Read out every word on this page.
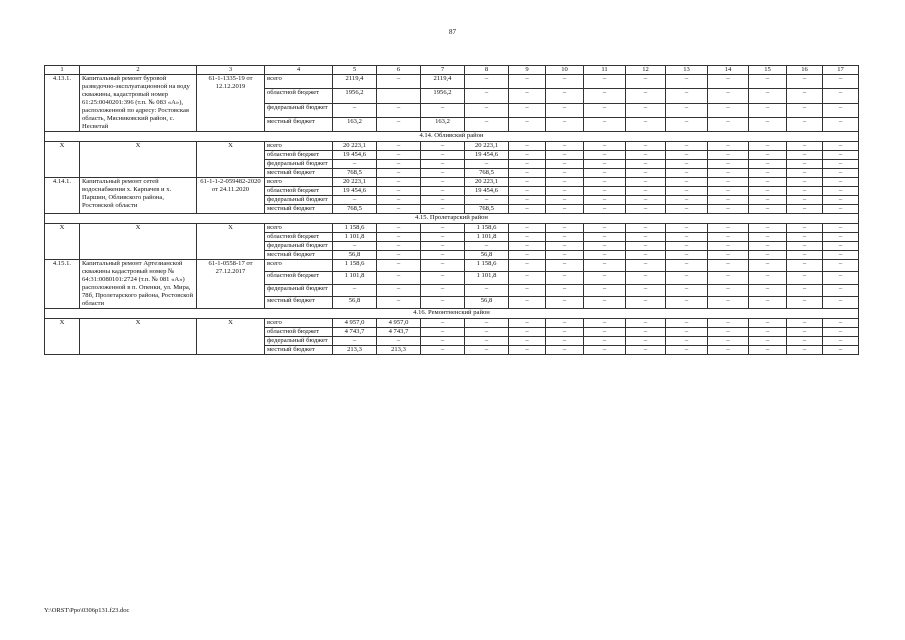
87
1	2	3	4	5	6	7	8	9	10	11	12	13	14	15	16	17
4.13.1.	Капитальный ремонт буровой разведочно-эксплуатационной на воду скважины, кадастровый номер 61:25:0040201:396 (т.п. № 083 «А»), расположенной по адресу: Ростовская область, Мясниковский район, с. Несветай	61-1-1335-19 от 12.12.2019	всего	2119,4	–	2119,4	–	–	–	–	–	–	–	–	–	–
			областной бюджет	1956,2		1956,2	–	–	–	–	–	–	–	–	–	–
			федеральный бюджет	–	–	–	–	–	–	–	–	–	–	–	–	–
			местный бюджет	163,2	–	163,2	–	–	–	–	–	–	–	–	–	–
4.14. Обливский район																
Х	Х	Х	всего	20 223,1	–	–	20 223,1	–	–	–	–	–	–	–	–	–
			областной бюджет	19 454,6	–	–	19 454,6	–	–	–	–	–	–	–	–	–
			федеральный бюджет	–	–	–	–	–	–	–	–	–	–	–	–	–
			местный бюджет	768,5	–	–	768,5	–	–	–	–	–	–	–	–	–
4.14.1.	Капитальный ремонт сетей водоснабжения х. Карпачев и х. Паршин, Обливского района, Ростовской области	61-1-1-2-059482-2020 от 24.11.2020	всего	20 223,1	–	–	20 223,1	–	–	–	–	–	–	–	–	–
			областной бюджет	19 454,6	–	–	19 454,6	–	–	–	–	–	–	–	–	–
			федеральный бюджет	–	–	–	–	–	–	–	–	–	–	–	–	–
			местный бюджет	768,5	–	–	768,5	–	–	–	–	–	–	–	–	–
4.15. Пролетарский район																
Х	Х	Х	всего	1 158,6	–	–	1 158,6	–	–	–	–	–	–	–	–	–
			областной бюджет	1 101,8	–	–	1 101,8	–	–	–	–	–	–	–	–	–
			федеральный бюджет	–	–	–	–	–	–	–	–	–	–	–	–	–
			местный бюджет	56,8	–	–	56,8	–	–	–	–	–	–	–	–	–
4.15.1.	Капитальный ремонт Артезианской скважины кадастровый номер № 64:31:0080101:2724 (т.п. № 081 «А») расположенной в п. Опенки, ул. Мира, 78б, Пролетарского района, Ростовской области	61-1-0558-17 от 27.12.2017	всего	1 158,6	–	–	1 158,6	–	–	–	–	–	–	–	–	–
			областной бюджет	1 101,8	–	–	1 101,8	–	–	–	–	–	–	–	–	–
			федеральный бюджет	–	–	–	–	–	–	–	–	–	–	–	–	–
			местный бюджет	56,8	–	–	56,8	–	–	–	–	–	–	–	–	–
4.16. Ремонтненский район																
Х	Х	Х	всего	4 957,0	4 957,0	–	–	–	–	–	–	–	–	–	–	–
			областной бюджет	4 743,7	4 743,7	–	–	–	–	–	–	–	–	–	–	–
			федеральный бюджет	–	–	–	–	–	–	–	–	–	–	–	–	–
			местный бюджет	213,3	213,3	–	–	–	–	–	–	–	–	–	–	–
Y:\ORST\Ppo\0306p131.f23.doc
